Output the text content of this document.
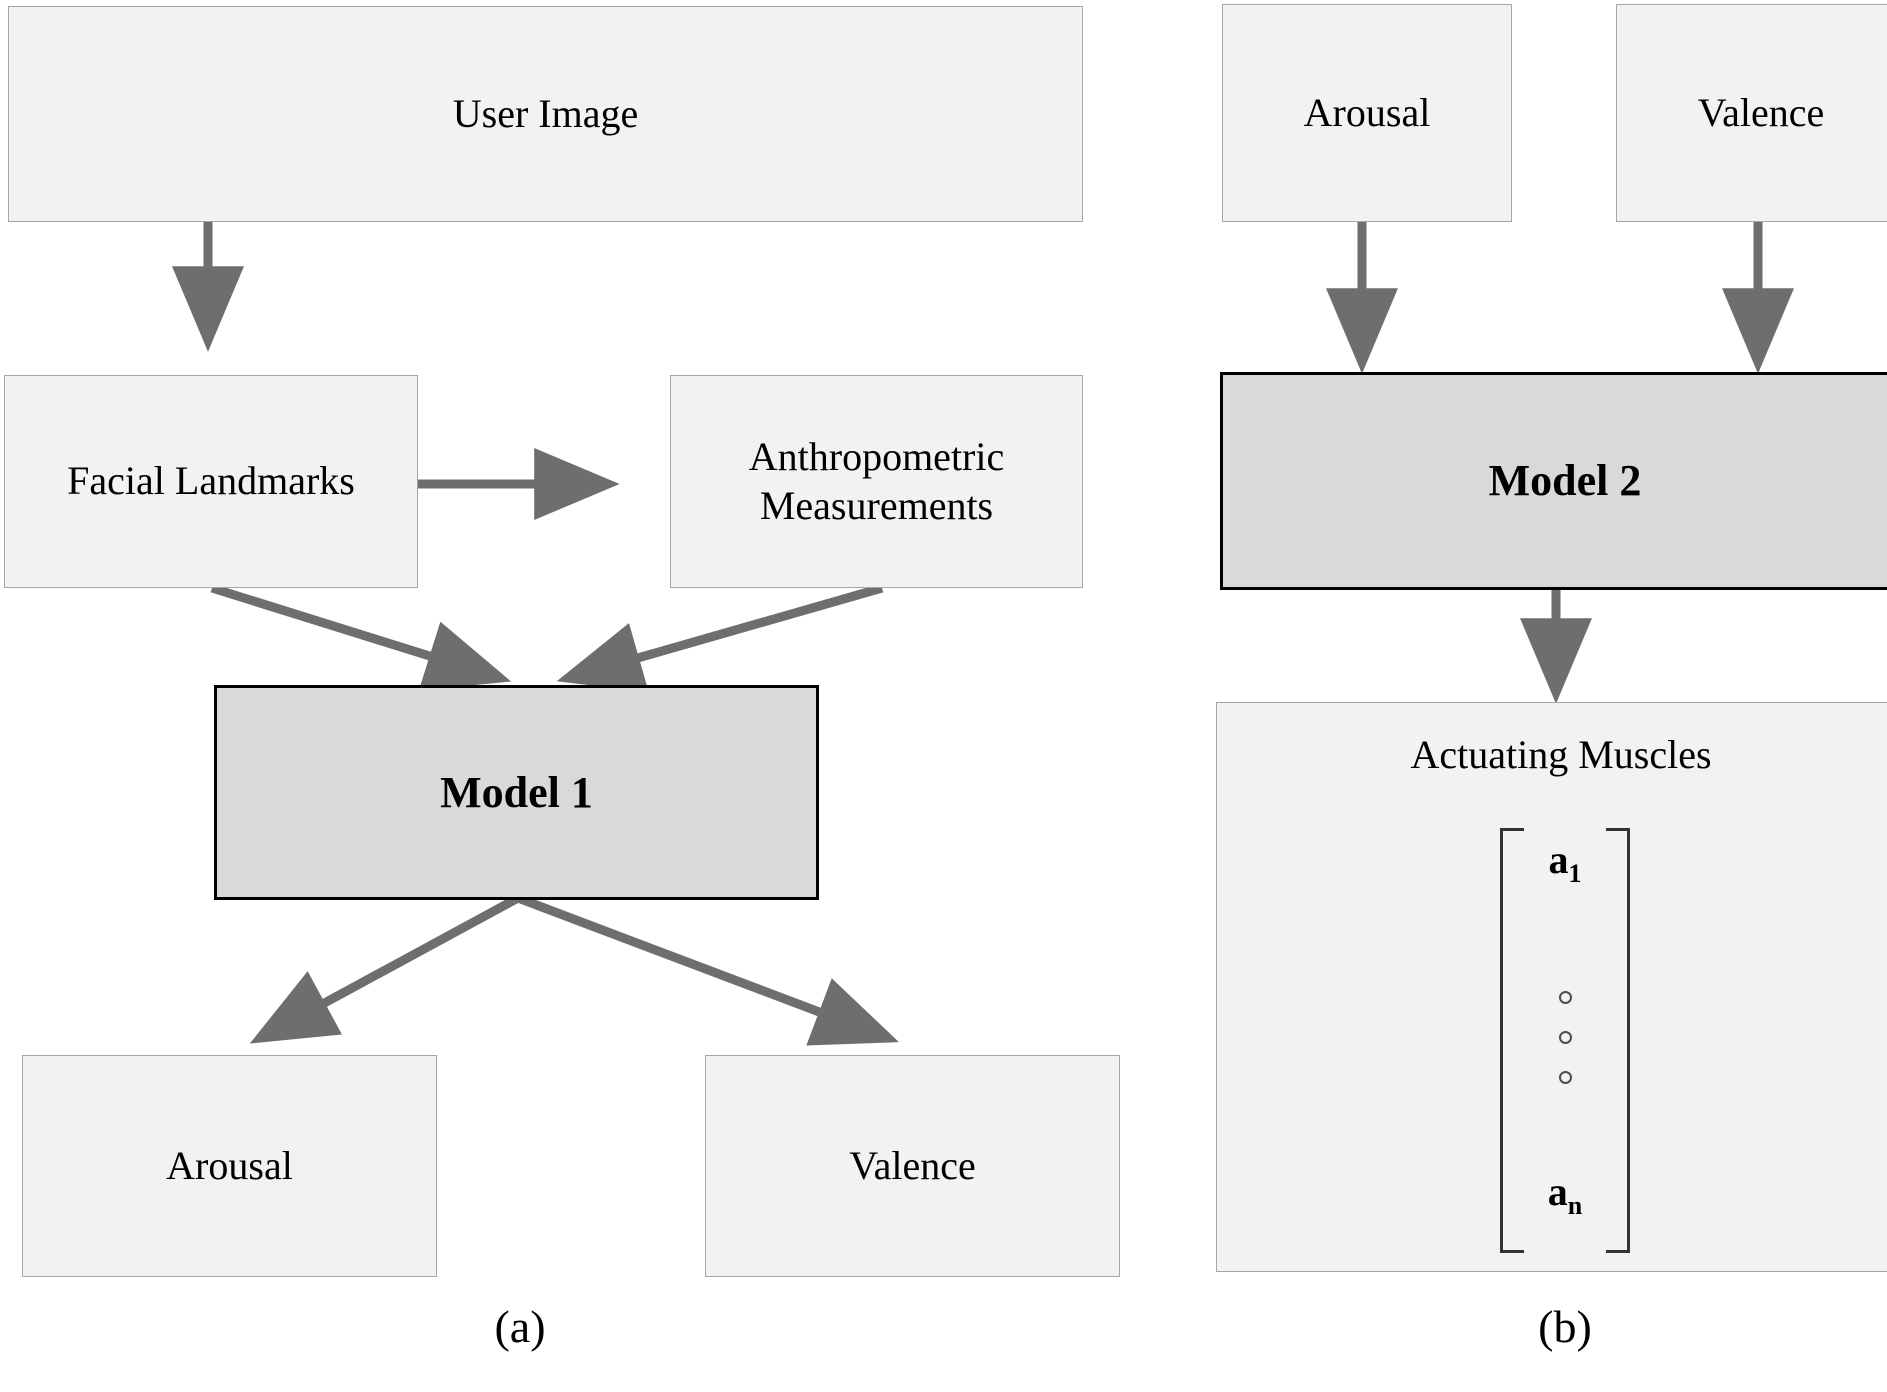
User Image
Facial Landmarks
Anthropometric
Measurements
Model 1
Arousal	Valence
(a)
Arousal	Valence
Model 2
Actuating Muscles
$a_1$
$a_n$
(b)
